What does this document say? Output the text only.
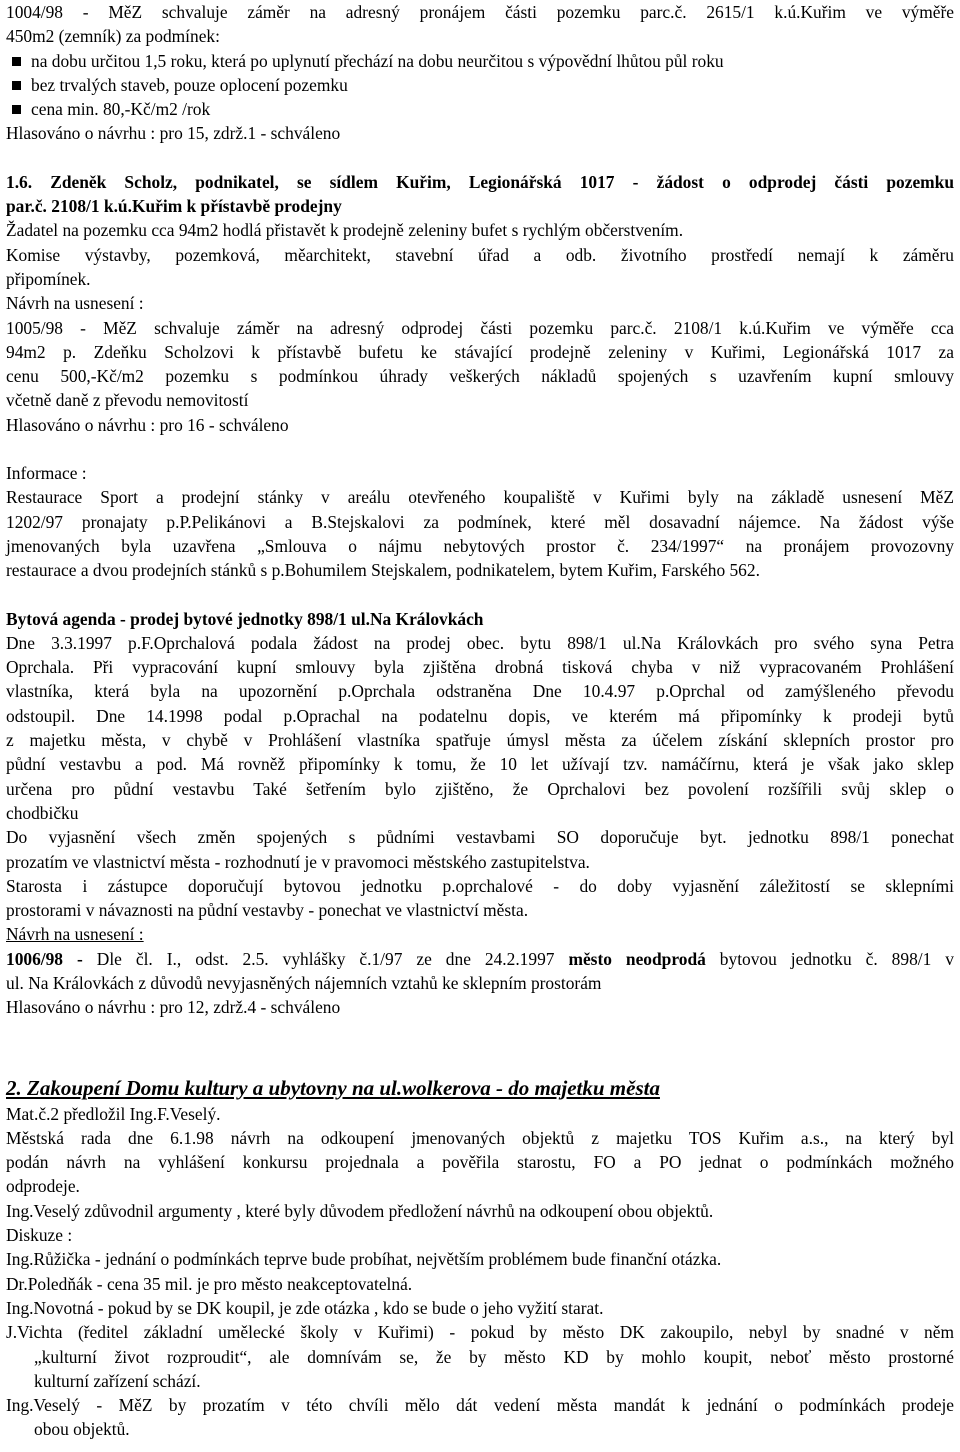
1004/98 - MěZ schvaluje záměr na adresný pronájem části pozemku parc.č. 2615/1 k.ú.Kuřim ve výměře

450m2 (zemník) za podmínek:

na dobu určitou 1,5 roku, která po uplynutí přechází na dobu neurčitou s výpovědní lhůtou půl roku
bez trvalých staveb, pouze oplocení pozemku
cena min. 80,-Kč/m2 /rok

Hlasováno o návrhu : pro 15, zdrž.1 - schváleno

1.6. Zdeněk Scholz, podnikatel, se sídlem Kuřim, Legionářská 1017 - žádost o odprodej části pozemku

par.č. 2108/1 k.ú.Kuřim k přístavbě prodejny

Žadatel na pozemku cca 94m2 hodlá přistavět k prodejně zeleniny bufet s rychlým občerstvením.

Komise výstavby, pozemková, měarchitekt, stavební úřad a odb. životního prostředí nemají k záměru

připomínek.

Návrh na usnesení :

1005/98 - MěZ schvaluje záměr na adresný odprodej části pozemku parc.č. 2108/1 k.ú.Kuřim ve výměře cca

94m2 p. Zdeňku Scholzovi k přístavbě bufetu ke stávající prodejně zeleniny v Kuřimi, Legionářská 1017 za

cenu 500,-Kč/m2 pozemku s podmínkou úhrady veškerých nákladů spojených s uzavřením kupní smlouvy

včetně daně z převodu nemovitostí

Hlasováno o návrhu : pro 16 - schváleno

Informace :

Restaurace Sport a prodejní stánky v areálu otevřeného koupaliště v Kuřimi byly na základě usnesení MěZ

1202/97 pronajaty p.P.Pelikánovi a B.Stejskalovi za podmínek, které měl dosavadní nájemce. Na žádost výše

jmenovaných byla uzavřena „Smlouva o nájmu nebytových prostor č. 234/1997“ na pronájem provozovny

restaurace a dvou prodejních stánků s p.Bohumilem Stejskalem, podnikatelem, bytem Kuřim, Farského 562.

Bytová agenda - prodej bytové jednotky 898/1 ul.Na Královkách

Dne 3.3.1997 p.F.Oprchalová podala žádost na prodej obec. bytu 898/1 ul.Na Královkách pro svého syna Petra

Oprchala. Při vypracování kupní smlouvy byla zjištěna drobná tisková chyba v niž vypracovaném Prohlášení

vlastníka, která byla na upozornění p.Oprchala odstraněna Dne 10.4.97 p.Oprchal od zamýšleného převodu

odstoupil. Dne 14.1998 podal p.Oprachal na podatelnu dopis, ve kterém má připomínky k prodeji bytů

z majetku města, v chybě v Prohlášení vlastníka spatřuje úmysl města za účelem získání sklepních prostor pro

půdní vestavbu a pod. Má rovněž připomínky k tomu, že 10 let užívají tzv. namáčírnu, která je však jako sklep

určena pro půdní vestavbu Také šetřením bylo zjištěno, že Oprchalovi bez povolení rozšířili svůj sklep o

chodbičku

Do vyjasnění všech změn spojených s půdními vestavbami SO doporučuje byt. jednotku 898/1 ponechat

prozatím ve vlastnictví města - rozhodnutí je v pravomoci městského zastupitelstva.

Starosta i zástupce doporučují bytovou jednotku p.oprchalové - do doby vyjasnění záležitostí se sklepními

prostorami v návaznosti na půdní vestavby - ponechat ve vlastnictví města.

Návrh na usnesení :

1006/98 - Dle čl. I., odst. 2.5. vyhlášky č.1/97 ze dne 24.2.1997 město neodprodá bytovou jednotku č. 898/1 v

ul. Na Královkách z důvodů nevyjasněných nájemních vztahů ke sklepním prostorám

Hlasováno o návrhu : pro 12, zdrž.4 - schváleno

2. Zakoupení Domu kultury a ubytovny na ul.wolkerova - do majetku města

Mat.č.2 předložil Ing.F.Veselý.

Městská rada dne 6.1.98 návrh na odkoupení jmenovaných objektů z majetku TOS Kuřim a.s., na který byl

podán návrh na vyhlášení konkursu projednala a pověřila starostu, FO a PO jednat o podmínkách možného

odprodeje.

Ing.Veselý zdůvodnil argumenty , které byly důvodem předložení návrhů na odkoupení obou objektů.

Diskuze :

Ing.Růžička - jednání o podmínkách teprve bude probíhat, největším problémem bude finanční otázka.

Dr.Poledňák - cena 35 mil. je pro město neakceptovatelná.

Ing.Novotná - pokud by se DK koupil, je zde otázka , kdo se bude o jeho vyžití starat.

J.Vichta (ředitel základní umělecké školy v Kuřimi) - pokud by město DK zakoupilo, nebyl by snadné v něm

„kulturní život rozproudit“, ale domnívám se, že by město KD by mohlo koupit, neboť město prostorné

kulturní zařízení schází.

Ing.Veselý - MěZ by prozatím v této chvíli mělo dát vedení města mandát k jednání o podmínkách prodeje

obou objektů.
